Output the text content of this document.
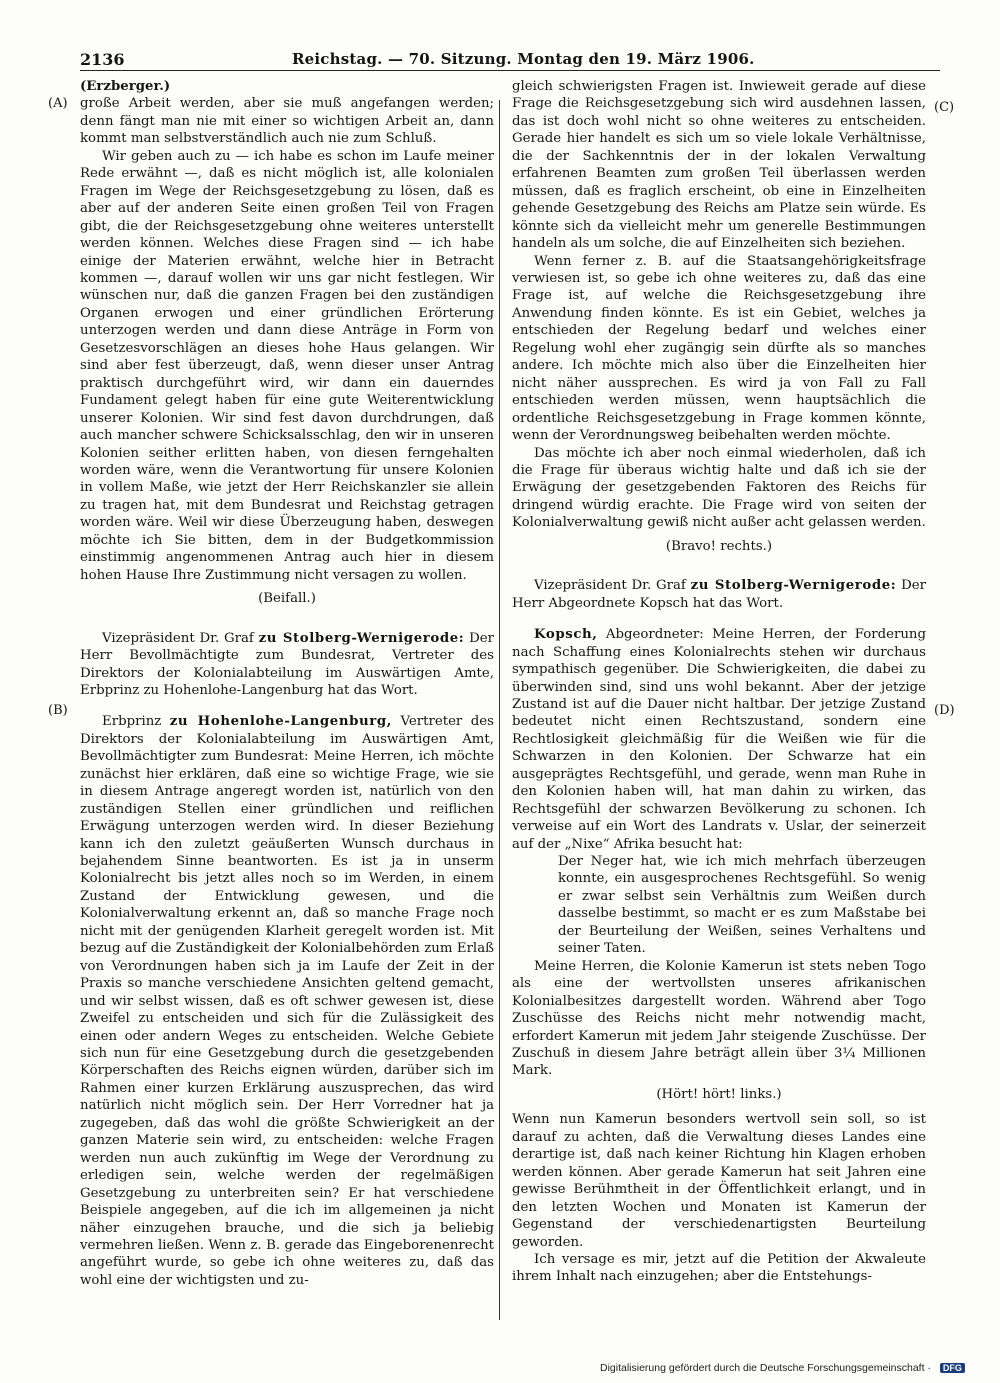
2136	Reichstag. — 70. Sitzung. Montag den 19. März 1906.
(A)
(B)
(C)
(D)

(Erzberger.)

große Arbeit werden, aber sie muß angefangen werden; denn fängt man nie mit einer so wichtigen Arbeit an, dann kommt man selbstverständlich auch nie zum Schluß.

Wir geben auch zu — ich habe es schon im Laufe meiner Rede erwähnt —, daß es nicht möglich ist, alle kolonialen Fragen im Wege der Reichsgesetzgebung zu lösen, daß es aber auf der anderen Seite einen großen Teil von Fragen gibt, die der Reichsgesetzgebung ohne weiteres unterstellt werden können. Welches diese Fragen sind — ich habe einige der Materien erwähnt, welche hier in Betracht kommen —, darauf wollen wir uns gar nicht festlegen. Wir wünschen nur, daß die ganzen Fragen bei den zuständigen Organen erwogen und einer gründlichen Erörterung unterzogen werden und dann diese Anträge in Form von Gesetzesvorschlägen an dieses hohe Haus gelangen. Wir sind aber fest überzeugt, daß, wenn dieser unser Antrag praktisch durchgeführt wird, wir dann ein dauerndes Fundament gelegt haben für eine gute Weiterentwicklung unserer Kolonien. Wir sind fest davon durchdrungen, daß auch mancher schwere Schicksalsschlag, den wir in unseren Kolonien seither erlitten haben, von diesen ferngehalten worden wäre, wenn die Verantwortung für unsere Kolonien in vollem Maße, wie jetzt der Herr Reichskanzler sie allein zu tragen hat, mit dem Bundesrat und Reichstag getragen worden wäre. Weil wir diese Überzeugung haben, deswegen möchte ich Sie bitten, dem in der Budgetkommission einstimmig angenommenen Antrag auch hier in diesem hohen Hause Ihre Zustimmung nicht versagen zu wollen.

(Beifall.)

Vizepräsident Dr. Graf zu Stolberg-Wernigerode: Der Herr Bevollmächtigte zum Bundesrat, Vertreter des Direktors der Kolonialabteilung im Auswärtigen Amte, Erbprinz zu Hohenlohe-Langenburg hat das Wort.

Erbprinz zu Hohenlohe-Langenburg, Vertreter des Direktors der Kolonialabteilung im Auswärtigen Amt, Bevollmächtigter zum Bundesrat: Meine Herren, ich möchte zunächst hier erklären, daß eine so wichtige Frage, wie sie in diesem Antrage angeregt worden ist, natürlich von den zuständigen Stellen einer gründlichen und reiflichen Erwägung unterzogen werden wird. In dieser Beziehung kann ich den zuletzt geäußerten Wunsch durchaus in bejahendem Sinne beantworten. Es ist ja in unserm Kolonialrecht bis jetzt alles noch so im Werden, in einem Zustand der Entwicklung gewesen, und die Kolonialverwaltung erkennt an, daß so manche Frage noch nicht mit der genügenden Klarheit geregelt worden ist. Mit bezug auf die Zuständigkeit der Kolonialbehörden zum Erlaß von Verordnungen haben sich ja im Laufe der Zeit in der Praxis so manche verschiedene Ansichten geltend gemacht, und wir selbst wissen, daß es oft schwer gewesen ist, diese Zweifel zu entscheiden und sich für die Zulässigkeit des einen oder andern Weges zu entscheiden. Welche Gebiete sich nun für eine Gesetzgebung durch die gesetzgebenden Körperschaften des Reichs eignen würden, darüber sich im Rahmen einer kurzen Erklärung auszusprechen, das wird natürlich nicht möglich sein. Der Herr Vorredner hat ja zugegeben, daß das wohl die größte Schwierigkeit an der ganzen Materie sein wird, zu entscheiden: welche Fragen werden nun auch zukünftig im Wege der Verordnung zu erledigen sein, welche werden der regelmäßigen Gesetzgebung zu unterbreiten sein? Er hat verschiedene Beispiele angegeben, auf die ich im allgemeinen ja nicht näher einzugehen brauche, und die sich ja beliebig vermehren ließen. Wenn z. B. gerade das Eingeborenenrecht angeführt wurde, so gebe ich ohne weiteres zu, daß das wohl eine der wichtigsten und zu-

gleich schwierigsten Fragen ist. Inwieweit gerade auf diese Frage die Reichsgesetzgebung sich wird ausdehnen lassen, das ist doch wohl nicht so ohne weiteres zu entscheiden. Gerade hier handelt es sich um so viele lokale Verhältnisse, die der Sachkenntnis der in der lokalen Verwaltung erfahrenen Beamten zum großen Teil überlassen werden müssen, daß es fraglich erscheint, ob eine in Einzelheiten gehende Gesetzgebung des Reichs am Platze sein würde. Es könnte sich da vielleicht mehr um generelle Bestimmungen handeln als um solche, die auf Einzelheiten sich beziehen.

Wenn ferner z. B. auf die Staatsangehörigkeitsfrage verwiesen ist, so gebe ich ohne weiteres zu, daß das eine Frage ist, auf welche die Reichsgesetzgebung ihre Anwendung finden könnte. Es ist ein Gebiet, welches ja entschieden der Regelung bedarf und welches einer Regelung wohl eher zugängig sein dürfte als so manches andere. Ich möchte mich also über die Einzelheiten hier nicht näher aussprechen. Es wird ja von Fall zu Fall entschieden werden müssen, wenn hauptsächlich die ordentliche Reichsgesetzgebung in Frage kommen könnte, wenn der Verordnungsweg beibehalten werden möchte.

Das möchte ich aber noch einmal wiederholen, daß ich die Frage für überaus wichtig halte und daß ich sie der Erwägung der gesetzgebenden Faktoren des Reichs für dringend würdig erachte. Die Frage wird von seiten der Kolonialverwaltung gewiß nicht außer acht gelassen werden.

(Bravo! rechts.)

Vizepräsident Dr. Graf zu Stolberg-Wernigerode: Der Herr Abgeordnete Kopsch hat das Wort.

Kopsch, Abgeordneter: Meine Herren, der Forderung nach Schaffung eines Kolonialrechts stehen wir durchaus sympathisch gegenüber. Die Schwierigkeiten, die dabei zu überwinden sind, sind uns wohl bekannt. Aber der jetzige Zustand ist auf die Dauer nicht haltbar. Der jetzige Zustand bedeutet nicht einen Rechtszustand, sondern eine Rechtlosigkeit gleichmäßig für die Weißen wie für die Schwarzen in den Kolonien. Der Schwarze hat ein ausgeprägtes Rechtsgefühl, und gerade, wenn man Ruhe in den Kolonien haben will, hat man dahin zu wirken, das Rechtsgefühl der schwarzen Bevölkerung zu schonen. Ich verweise auf ein Wort des Landrats v. Uslar, der seinerzeit auf der „Nixe“ Afrika besucht hat:

Der Neger hat, wie ich mich mehrfach überzeugen konnte, ein ausgesprochenes Rechtsgefühl. So wenig er zwar selbst sein Verhältnis zum Weißen durch dasselbe bestimmt, so macht er es zum Maßstabe bei der Beurteilung der Weißen, seines Verhaltens und seiner Taten.

Meine Herren, die Kolonie Kamerun ist stets neben Togo als eine der wertvollsten unseres afrikanischen Kolonialbesitzes dargestellt worden. Während aber Togo Zuschüsse des Reichs nicht mehr notwendig macht, erfordert Kamerun mit jedem Jahr steigende Zuschüsse. Der Zuschuß in diesem Jahre beträgt allein über 3¼ Millionen Mark.

(Hört! hört! links.)

Wenn nun Kamerun besonders wertvoll sein soll, so ist darauf zu achten, daß die Verwaltung dieses Landes eine derartige ist, daß nach keiner Richtung hin Klagen erhoben werden können. Aber gerade Kamerun hat seit Jahren eine gewisse Berühmtheit in der Öffentlichkeit erlangt, und in den letzten Wochen und Monaten ist Kamerun der Gegenstand der verschiedenartigsten Beurteilung geworden.

Ich versage es mir, jetzt auf die Petition der Akwaleute ihrem Inhalt nach einzugehen; aber die Entstehungs-

Digitalisierung gefördert durch die Deutsche Forschungsgemeinschaft · DFG
